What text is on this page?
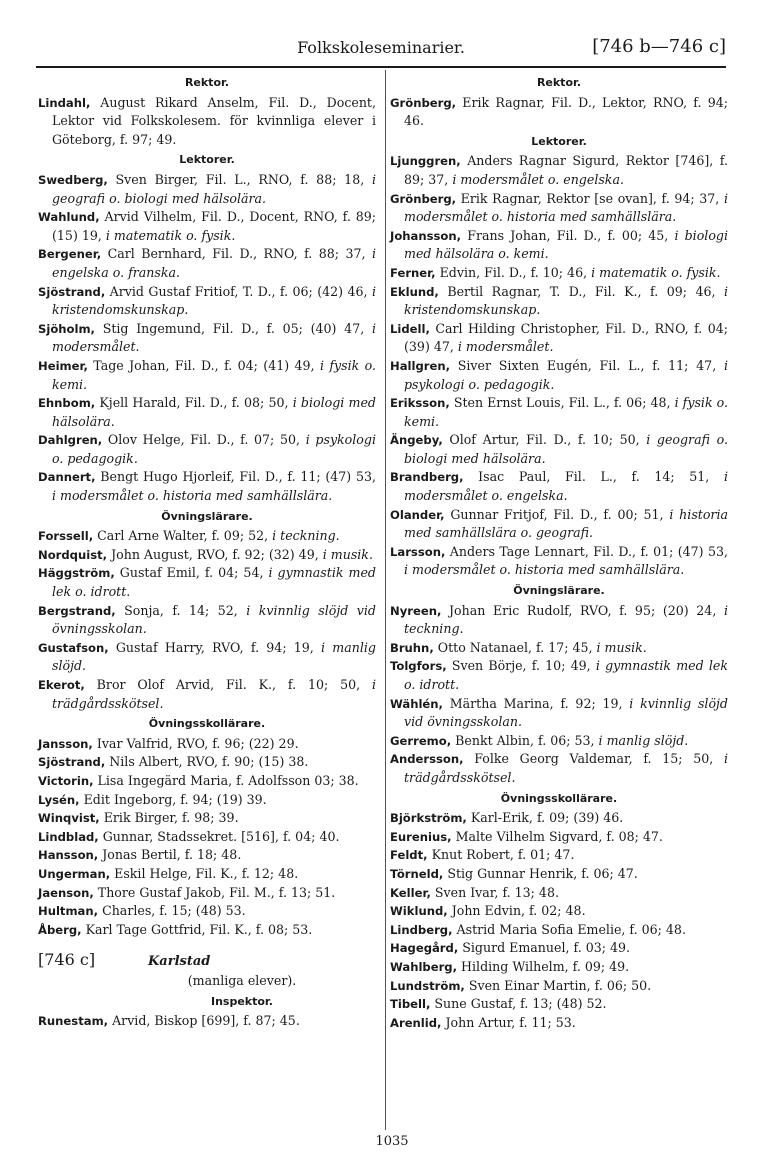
Folkskoleseminarier.	[746 b—746 c]
Rektor.
Lindahl, August Rikard Anselm, Fil. D., Docent, Lektor vid Folkskolesem. för kvinnliga elever i Göteborg, f. 97; 49.
Lektorer.
Swedberg, Sven Birger, Fil. L., RNO, f. 88; 18, i geografi o. biologi med hälsolära.
Wahlund, Arvid Vilhelm, Fil. D., Docent, RNO, f. 89; (15) 19, i matematik o. fysik.
Bergener, Carl Bernhard, Fil. D., RNO, f. 88; 37, i engelska o. franska.
Sjöstrand, Arvid Gustaf Fritiof, T. D., f. 06; (42) 46, i kristendomskunskap.
Sjöholm, Stig Ingemund, Fil. D., f. 05; (40) 47, i modersmålet.
Heimer, Tage Johan, Fil. D., f. 04; (41) 49, i fysik o. kemi.
Ehnbom, Kjell Harald, Fil. D., f. 08; 50, i biologi med hälsolära.
Dahlgren, Olov Helge, Fil. D., f. 07; 50, i psykologi o. pedagogik.
Dannert, Bengt Hugo Hjorleif, Fil. D., f. 11; (47) 53, i modersmålet o. historia med samhällslära.
Övningslärare.
Forssell, Carl Arne Walter, f. 09; 52, i teckning.
Nordquist, John August, RVO, f. 92; (32) 49, i musik.
Häggström, Gustaf Emil, f. 04; 54, i gymnastik med lek o. idrott.
Bergstrand, Sonja, f. 14; 52, i kvinnlig slöjd vid övningsskolan.
Gustafson, Gustaf Harry, RVO, f. 94; 19, i manlig slöjd.
Ekerot, Bror Olof Arvid, Fil. K., f. 10; 50, i trädgårdsskötsel.
Övningsskollärare.
Jansson, Ivar Valfrid, RVO, f. 96; (22) 29.
Sjöstrand, Nils Albert, RVO, f. 90; (15) 38.
Victorin, Lisa Ingegärd Maria, f. Adolfsson 03; 38.
Lysén, Edit Ingeborg, f. 94; (19) 39.
Winqvist, Erik Birger, f. 98; 39.
Lindblad, Gunnar, Stadssekret. [516], f. 04; 40.
Hansson, Jonas Bertil, f. 18; 48.
Ungerman, Eskil Helge, Fil. K., f. 12; 48.
Jaenson, Thore Gustaf Jakob, Fil. M., f. 13; 51.
Hultman, Charles, f. 15; (48) 53.
Åberg, Karl Tage Gottfrid, Fil. K., f. 08; 53.
[746 c]	Karlstad
(manliga elever).
Inspektor.
Runestam, Arvid, Biskop [699], f. 87; 45.
Rektor.
Grönberg, Erik Ragnar, Fil. D., Lektor, RNO, f. 94; 46.
Lektorer.
Ljunggren, Anders Ragnar Sigurd, Rektor [746], f. 89; 37, i modersmålet o. engelska.
Grönberg, Erik Ragnar, Rektor [se ovan], f. 94; 37, i modersmålet o. historia med samhällslära.
Johansson, Frans Johan, Fil. D., f. 00; 45, i biologi med hälsolära o. kemi.
Ferner, Edvin, Fil. D., f. 10; 46, i matematik o. fysik.
Eklund, Bertil Ragnar, T. D., Fil. K., f. 09; 46, i kristendomskunskap.
Lidell, Carl Hilding Christopher, Fil. D., RNO, f. 04; (39) 47, i modersmålet.
Hallgren, Siver Sixten Eugén, Fil. L., f. 11; 47, i psykologi o. pedagogik.
Eriksson, Sten Ernst Louis, Fil. L., f. 06; 48, i fysik o. kemi.
Ängeby, Olof Artur, Fil. D., f. 10; 50, i geografi o. biologi med hälsolära.
Brandberg, Isac Paul, Fil. L., f. 14; 51, i modersmålet o. engelska.
Olander, Gunnar Fritjof, Fil. D., f. 00; 51, i historia med samhällslära o. geografi.
Larsson, Anders Tage Lennart, Fil. D., f. 01; (47) 53, i modersmålet o. historia med samhällslära.
Övningslärare.
Nyreen, Johan Eric Rudolf, RVO, f. 95; (20) 24, i teckning.
Bruhn, Otto Natanael, f. 17; 45, i musik.
Tolgfors, Sven Börje, f. 10; 49, i gymnastik med lek o. idrott.
Wählén, Märtha Marina, f. 92; 19, i kvinnlig slöjd vid övningsskolan.
Gerremo, Benkt Albin, f. 06; 53, i manlig slöjd.
Andersson, Folke Georg Valdemar, f. 15; 50, i trädgårdsskötsel.
Övningsskollärare.
Björkström, Karl-Erik, f. 09; (39) 46.
Eurenius, Malte Vilhelm Sigvard, f. 08; 47.
Feldt, Knut Robert, f. 01; 47.
Törneld, Stig Gunnar Henrik, f. 06; 47.
Keller, Sven Ivar, f. 13; 48.
Wiklund, John Edvin, f. 02; 48.
Lindberg, Astrid Maria Sofia Emelie, f. 06; 48.
Hagegård, Sigurd Emanuel, f. 03; 49.
Wahlberg, Hilding Wilhelm, f. 09; 49.
Lundström, Sven Einar Martin, f. 06; 50.
Tibell, Sune Gustaf, f. 13; (48) 52.
Arenlid, John Artur, f. 11; 53.
1035
